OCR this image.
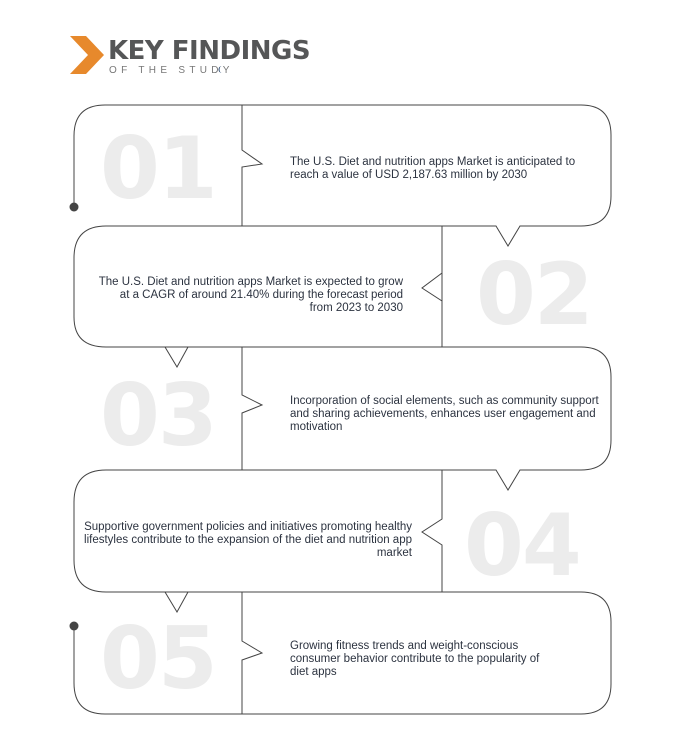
KEY FINDINGS
OF THE STUDY
01
02
03
04
05
The U.S. Diet and nutrition apps Market is anticipated to reach a value of USD 2,187.63 million by 2030
The U.S. Diet and nutrition apps Market is expected to grow at a CAGR of around 21.40% during the forecast period from 2023 to 2030
Incorporation of social elements, such as community support and sharing achievements, enhances user engagement and motivation
Supportive government policies and initiatives promoting healthy lifestyles contribute to the expansion of the diet and nutrition app market
Growing fitness trends and weight-conscious consumer behavior contribute to the popularity of diet apps
